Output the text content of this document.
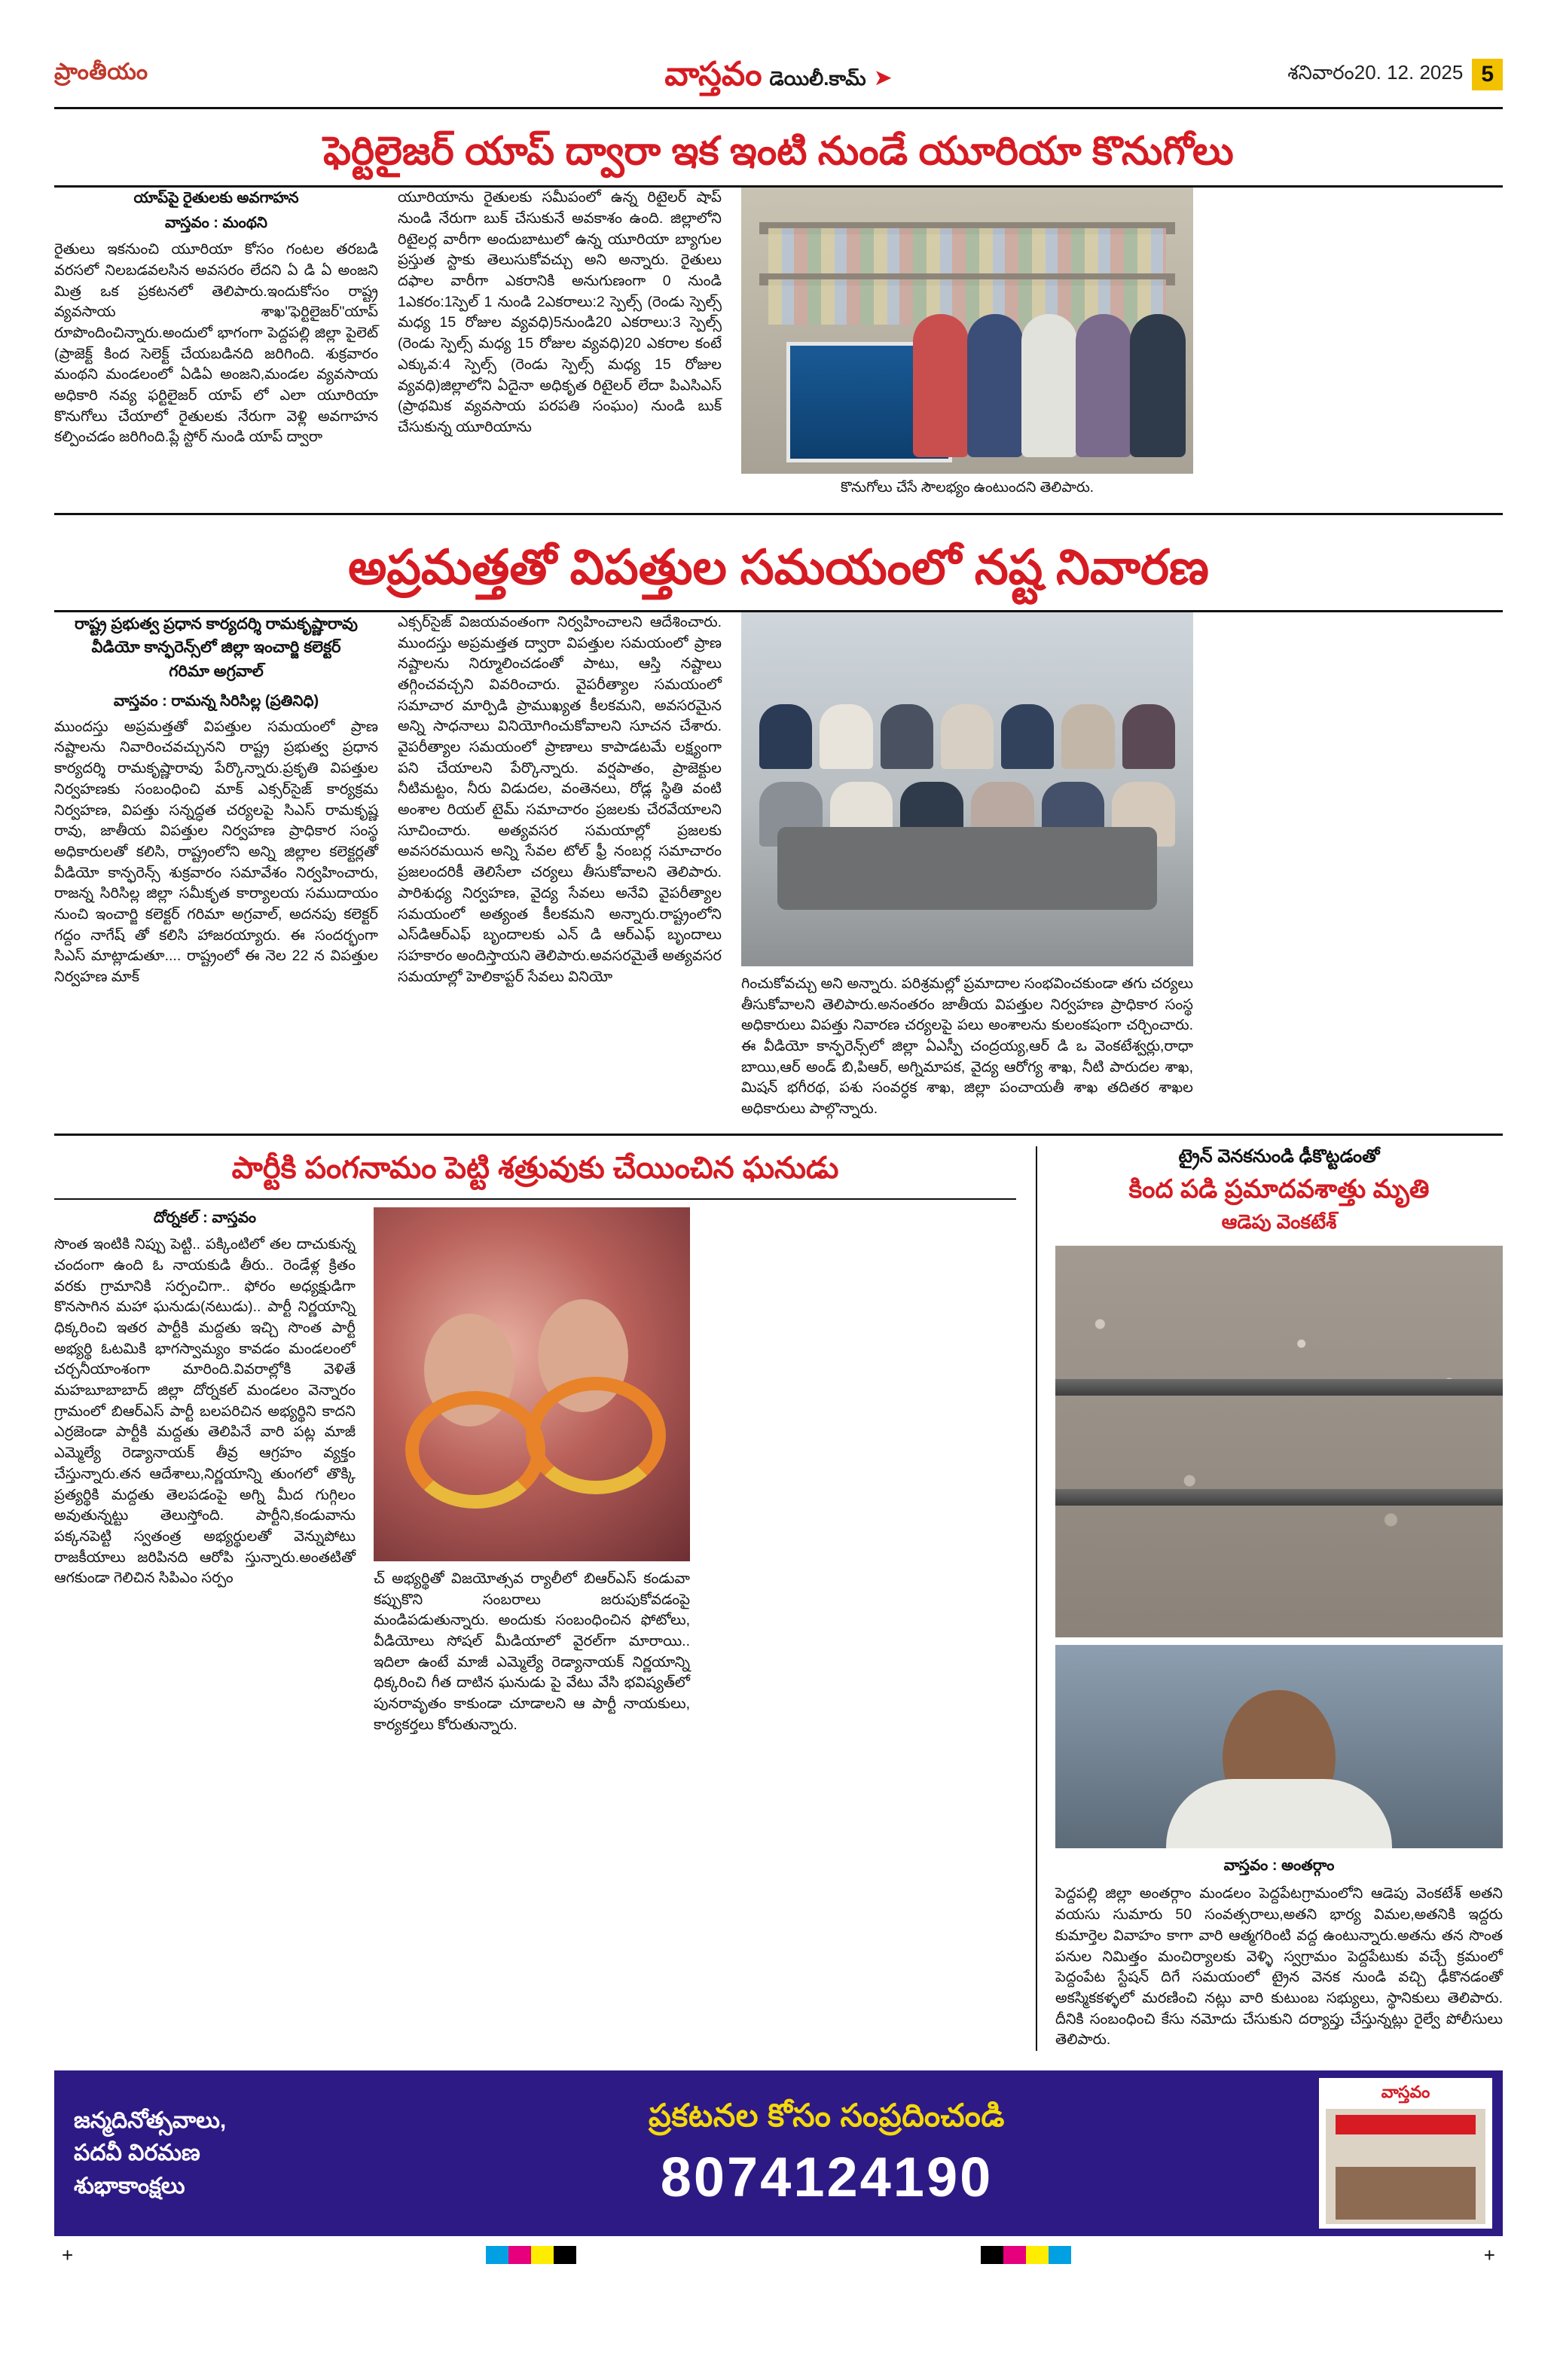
ప్రాంతీయం	వాస్తవం డెయిలీ.కామ్ ➤	శనివారం20. 12. 2025 5
ఫెర్టిలైజర్ యాప్ ద్వారా ఇక ఇంటి నుండే యూరియా కొనుగోలు
యాప్‌పై రైతులకు అవగాహన
వాస్తవం : మంథని
రైతులు ఇకనుంచి యూరియా కోసం గంటల తరబడి వరసలో నిలబడవలసిన అవసరం లేదని ఏ డి ఏ అంజని మిత్ర ఒక ప్రకటనలో తెలిపారు.ఇందుకోసం రాష్ట్ర వ్యవసాయ శాఖ"ఫెర్టిలైజర్"యాప్ రూపొందించిన్నారు.అందులో భాగంగా పెద్దపల్లి జిల్లా పైలెట్ (ప్రాజెక్ట్ కింద సెలెక్ట్ చేయబడినది జరిగింది. శుక్రవారం మంథని మండలంలో ఏడిఏ అంజని,మండల వ్యవసాయ అధికారి నవ్య ఫర్టిలైజర్ యాప్ లో ఎలా యూరియా కొనుగోలు చేయాలో రైతులకు నేరుగా వెళ్లి అవగాహన కల్పించడం జరిగింది.ప్లే స్టోర్ నుండి యాప్ ద్వారా
యూరియాను రైతులకు సమీపంలో ఉన్న రిటైలర్ షాప్ నుండి నేరుగా బుక్ చేసుకునే అవకాశం ఉంది. జిల్లాలోని రిటైలర్ల వారీగా అందుబాటులో ఉన్న యూరియా బ్యాగుల ప్రస్తుత స్టాకు తెలుసుకోవచ్చు అని అన్నారు. రైతులు దఫాల వారీగా ఎకరానికి అనుగుణంగా 0 నుండి 1ఎకరం:1స్పెల్ 1 నుండి 2ఎకరాలు:2 స్పెల్స్ (రెండు స్పెల్స్ మధ్య 15 రోజుల వ్యవధి)5నుండి20 ఎకరాలు:3 స్పెల్స్ (రెండు స్పెల్స్ మధ్య 15 రోజుల వ్యవధి)20 ఎకరాల కంటే ఎక్కువ:4 స్పెల్స్ (రెండు స్పెల్స్ మధ్య 15 రోజుల వ్యవధి)జిల్లాలోని ఏదైనా అధికృత రిటైలర్ లేదా పిఎసిఎస్ (ప్రాథమిక వ్యవసాయ పరపతి సంఘం) నుండి బుక్ చేసుకున్న యూరియాను
కొనుగోలు చేసే సౌలభ్యం ఉంటుందని తెలిపారు.
అప్రమత్తతో విపత్తుల సమయంలో నష్ట నివారణ
రాష్ట్ర ప్రభుత్వ ప్రధాన కార్యదర్శి రామకృష్ణారావు
వీడియో కాన్ఫరెన్స్‌లో జిల్లా ఇంచార్జి కలెక్టర్
గరిమా అగ్రవాల్
వాస్తవం : రామన్న సిరిసిల్ల (ప్రతినిధి)
ముందస్తు అప్రమత్తతో విపత్తుల సమయంలో ప్రాణ నష్టాలను నివారించవచ్చునని రాష్ట్ర ప్రభుత్వ ప్రధాన కార్యదర్శి రామకృష్ణారావు పేర్కొన్నారు.ప్రకృతి విపత్తుల నిర్వహణకు సంబంధించి మాక్ ఎక్సర్‌సైజ్ కార్యక్రమ నిర్వహణ, విపత్తు సన్నద్ధత చర్యలపై సిఎస్ రామకృష్ణ రావు, జాతీయ విపత్తుల నిర్వహణ ప్రాధికార సంస్థ అధికారులతో కలిసి, రాష్ట్రంలోని అన్ని జిల్లాల కలెక్టర్లతో వీడియో కాన్ఫరెన్స్ శుక్రవారం సమావేశం నిర్వహించారు, రాజన్న సిరిసిల్ల జిల్లా సమీకృత కార్యాలయ సముదాయం నుంచి ఇంచార్జి కలెక్టర్ గరిమా అగ్రవాల్, అదనపు కలెక్టర్ గద్దం నాగేష్ తో కలిసి హాజరయ్యారు. ఈ సందర్భంగా సిఎస్ మాట్లాడుతూ.... రాష్ట్రంలో ఈ నెల 22 న విపత్తుల నిర్వహణ మాక్
ఎక్సర్‌సైజ్ విజయవంతంగా నిర్వహించాలని ఆదేశించారు. ముందస్తు అప్రమత్తత ద్వారా విపత్తుల సమయంలో ప్రాణ నష్టాలను నిర్మూలించడంతో పాటు, ఆస్తి నష్టాలు తగ్గించవచ్చని వివరించారు. వైపరీత్యాల సమయంలో సమాచార మార్పిడి ప్రాముఖ్యత కీలకమని, అవసరమైన అన్ని సాధనాలు వినియోగించుకోవాలని సూచన చేశారు. వైపరీత్యాల సమయంలో ప్రాణాలు కాపాడటమే లక్ష్యంగా పని చేయాలని పేర్కొన్నారు. వర్షపాతం, ప్రాజెక్టుల నీటిమట్టం, నీరు విడుదల, వంతెనలు, రోడ్ల స్థితి వంటి అంశాల రియల్ టైమ్ సమాచారం ప్రజలకు చేరవేయాలని సూచించారు. అత్యవసర సమయాల్లో ప్రజలకు అవసరమయిన అన్ని సేవల టోల్ ఫ్రీ నంబర్ల సమాచారం ప్రజలందరికీ తెలిసేలా చర్యలు తీసుకోవాలని తెలిపారు. పారిశుధ్య నిర్వహణ, వైద్య సేవలు అనేవి వైపరీత్యాల సమయంలో అత్యంత కీలకమని అన్నారు.రాష్ట్రంలోని ఎస్‌డిఆర్ఎఫ్ బృందాలకు ఎన్ డి ఆర్ఎఫ్ బృందాలు సహకారం అందిస్తాయని తెలిపారు.అవసరమైతే అత్యవసర సమయాల్లో హెలికాప్టర్ సేవలు వినియో	గించుకోవచ్చు అని అన్నారు. పరిశ్రమల్లో ప్రమాదాల సంభవించకుండా తగు చర్యలు తీసుకోవాలని తెలిపారు.అనంతరం జాతీయ విపత్తుల నిర్వహణ ప్రాధికార సంస్థ అధికారులు విపత్తు నివారణ చర్యలపై పలు అంశాలను కులంకషంగా చర్చించారు. ఈ వీడియో కాన్ఫరెన్స్‌లో జిల్లా ఏఎస్పీ చంద్రయ్య,ఆర్ డి ఒ వెంకటేశ్వర్లు,రాధా బాయి,ఆర్ అండ్ బి,పిఆర్, అగ్నిమాపక, వైద్య ఆరోగ్య శాఖ, నీటి పారుదల శాఖ, మిషన్ భగీరథ, పశు సంవర్ధక శాఖ, జిల్లా పంచాయతీ శాఖ తదితర శాఖల అధికారులు పాల్గొన్నారు.
పార్టీకి పంగనామం పెట్టి శత్రువుకు చేయించిన ఘనుడు
దోర్నకల్ : వాస్తవం
సొంత ఇంటికి నిప్పు పెట్టి.. పక్కింటిలో తల దాచుకున్న చందంగా ఉంది ఓ నాయకుడి తీరు.. రెండేళ్ల క్రితం వరకు గ్రామానికి సర్పంచిగా.. ఫోరం అధ్యక్షుడిగా కొనసాగిన మహా ఘనుడు(నటుడు).. పార్టీ నిర్ణయాన్ని ధిక్కరించి ఇతర పార్టీకి మద్దతు ఇచ్చి సొంత పార్టీ అభ్యర్థి ఓటమికి భాగస్వామ్యం కావడం మండలంలో చర్చనీయాంశంగా మారింది.వివరాల్లోకి వెళితే మహబూబాబాద్ జిల్లా దోర్నకల్ మండలం వెన్నారం గ్రామంలో బిఆర్ఎస్ పార్టీ బలపరిచిన అభ్యర్థిని కాదని ఎర్రజెండా పార్టీకి మద్దతు తెలిపినే వారి పట్ల మాజీ ఎమ్మెల్యే రెడ్యానాయక్ తీవ్ర ఆగ్రహం వ్యక్తం చేస్తున్నారు.తన ఆదేశాలు,నిర్ణయాన్ని తుంగలో తొక్కి ప్రత్యర్థికి మద్దతు తెలపడంపై అగ్ని మీద గుగ్గిలం అవుతున్నట్టు తెలుస్తోంది. పార్టీని,కండువాను పక్కనపెట్టి స్వతంత్ర అభ్యర్థులతో వెన్నుపోటు రాజకీయాలు జరిపినది ఆరోపి స్తున్నారు.అంతటితో ఆగకుండా గెలిచిన సిపిఎం సర్పం	చ్ అభ్యర్థితో విజయోత్సవ ర్యాలీలో బిఆర్ఎస్ కండువా కప్పుకొని సంబరాలు జరుపుకోవడంపై మండిపడుతున్నారు. అందుకు సంబంధించిన ఫోటోలు, వీడియోలు సోషల్ మీడియాలో వైరల్‌గా మారాయి.. ఇదిలా ఉంటే మాజీ ఎమ్మెల్యే రెడ్యానాయక్ నిర్ణయాన్ని ధిక్కరించి గీత దాటిన ఘనుడు పై వేటు వేసి భవిష్యత్‌లో పునరావృతం కాకుండా చూడాలని ఆ పార్టీ నాయకులు, కార్యకర్తలు కోరుతున్నారు.
ట్రైన్ వెనకనుండి ఢీకొట్టడంతో
కింద పడి ప్రమాదవశాత్తు మృతి
ఆడెపు వెంకటేశ్
వాస్తవం : అంతర్గాం
పెద్దపల్లి జిల్లా అంతర్గాం మండలం పెద్దపేటగ్రామంలోని ఆడెపు వెంకటేశ్ అతని వయసు సుమారు 50 సంవత్సరాలు,అతని భార్య విమల,అతనికి ఇద్దరు కుమార్తెల వివాహం కాగా వారి ఆత్మగరింటి వద్ద ఉంటున్నారు.అతను తన సొంత పనుల నిమిత్తం మంచిర్యాలకు వెళ్ళి స్వగ్రామం పెద్దపేటుకు వచ్చే క్రమంలో పెద్దంపేట స్టేషన్ దిగే సమయంలో ట్రైన వెనక నుండి వచ్చి ఢీకొనడంతో అకస్మికకళ్ళలో మరణించి నట్లు వారి కుటుంబ సభ్యులు, స్థానికులు తెలిపారు. దీనికి సంబంధించి కేసు నమోదు చేసుకుని దర్యాప్తు చేస్తున్నట్లు రైల్వే పోలీసులు తెలిపారు.
జన్మదినోత్సవాలు,
పదవీ విరమణ
శుభాకాంక్షలు
ప్రకటనల కోసం సంప్రదించండి
8074124190
వాస్తవం
+	+
